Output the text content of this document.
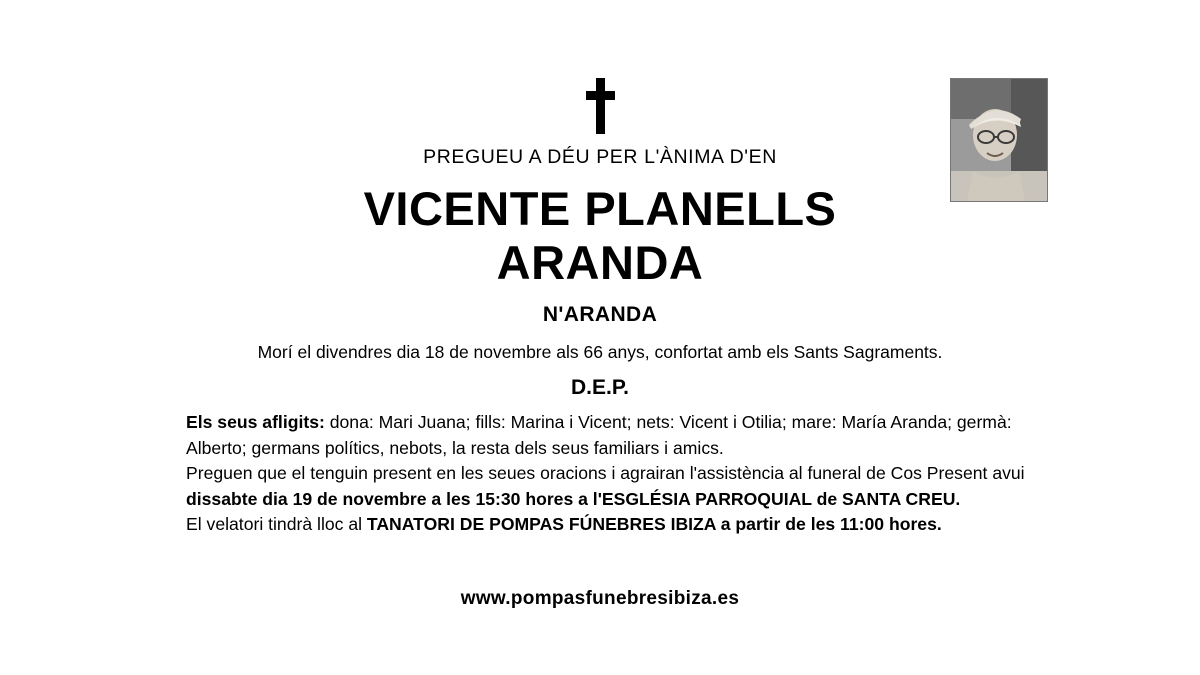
PREGUEU A DÉU PER L'ÀNIMA D'EN
VICENTE PLANELLS
ARANDA
N'ARANDA
Morí el divendres dia 18 de novembre als 66 anys, confortat amb els Sants Sagraments.
D.E.P.

Els seus afligits: dona: Mari Juana; fills: Marina i Vicent; nets: Vicent i Otilia; mare: María Aranda; germà: Alberto; germans polítics, nebots, la resta dels seus familiars i amics.

Preguen que el tenguin present en les seues oracions i agrairan l'assistència al funeral de Cos Present avui dissabte dia 19 de novembre a les 15:30 hores a l'ESGLÉSIA PARROQUIAL de SANTA CREU.

El velatori tindrà lloc al TANATORI DE POMPAS FÚNEBRES IBIZA a partir de les 11:00 hores.

www.pompasfunebresibiza.es
